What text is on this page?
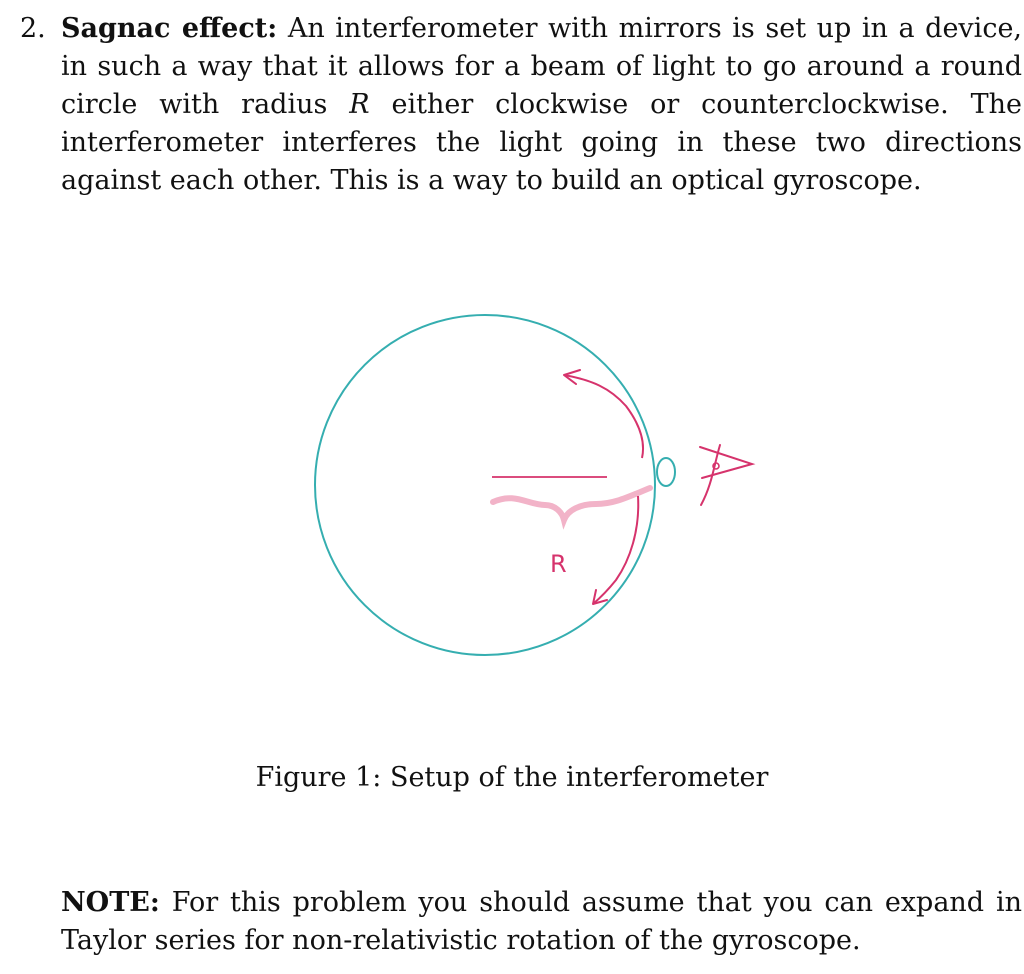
2. Sagnac effect: An interferometer with mirrors is set up in a device, in such a way that it allows for a beam of light to go around a round circle with radius R either clockwise or counterclockwise. The interferometer interferes the light going in these two directions against each other. This is a way to build an optical gyroscope.
R
Figure 1: Setup of the interferometer
NOTE: For this problem you should assume that you can expand in Taylor series for non-relativistic rotation of the gyroscope.
